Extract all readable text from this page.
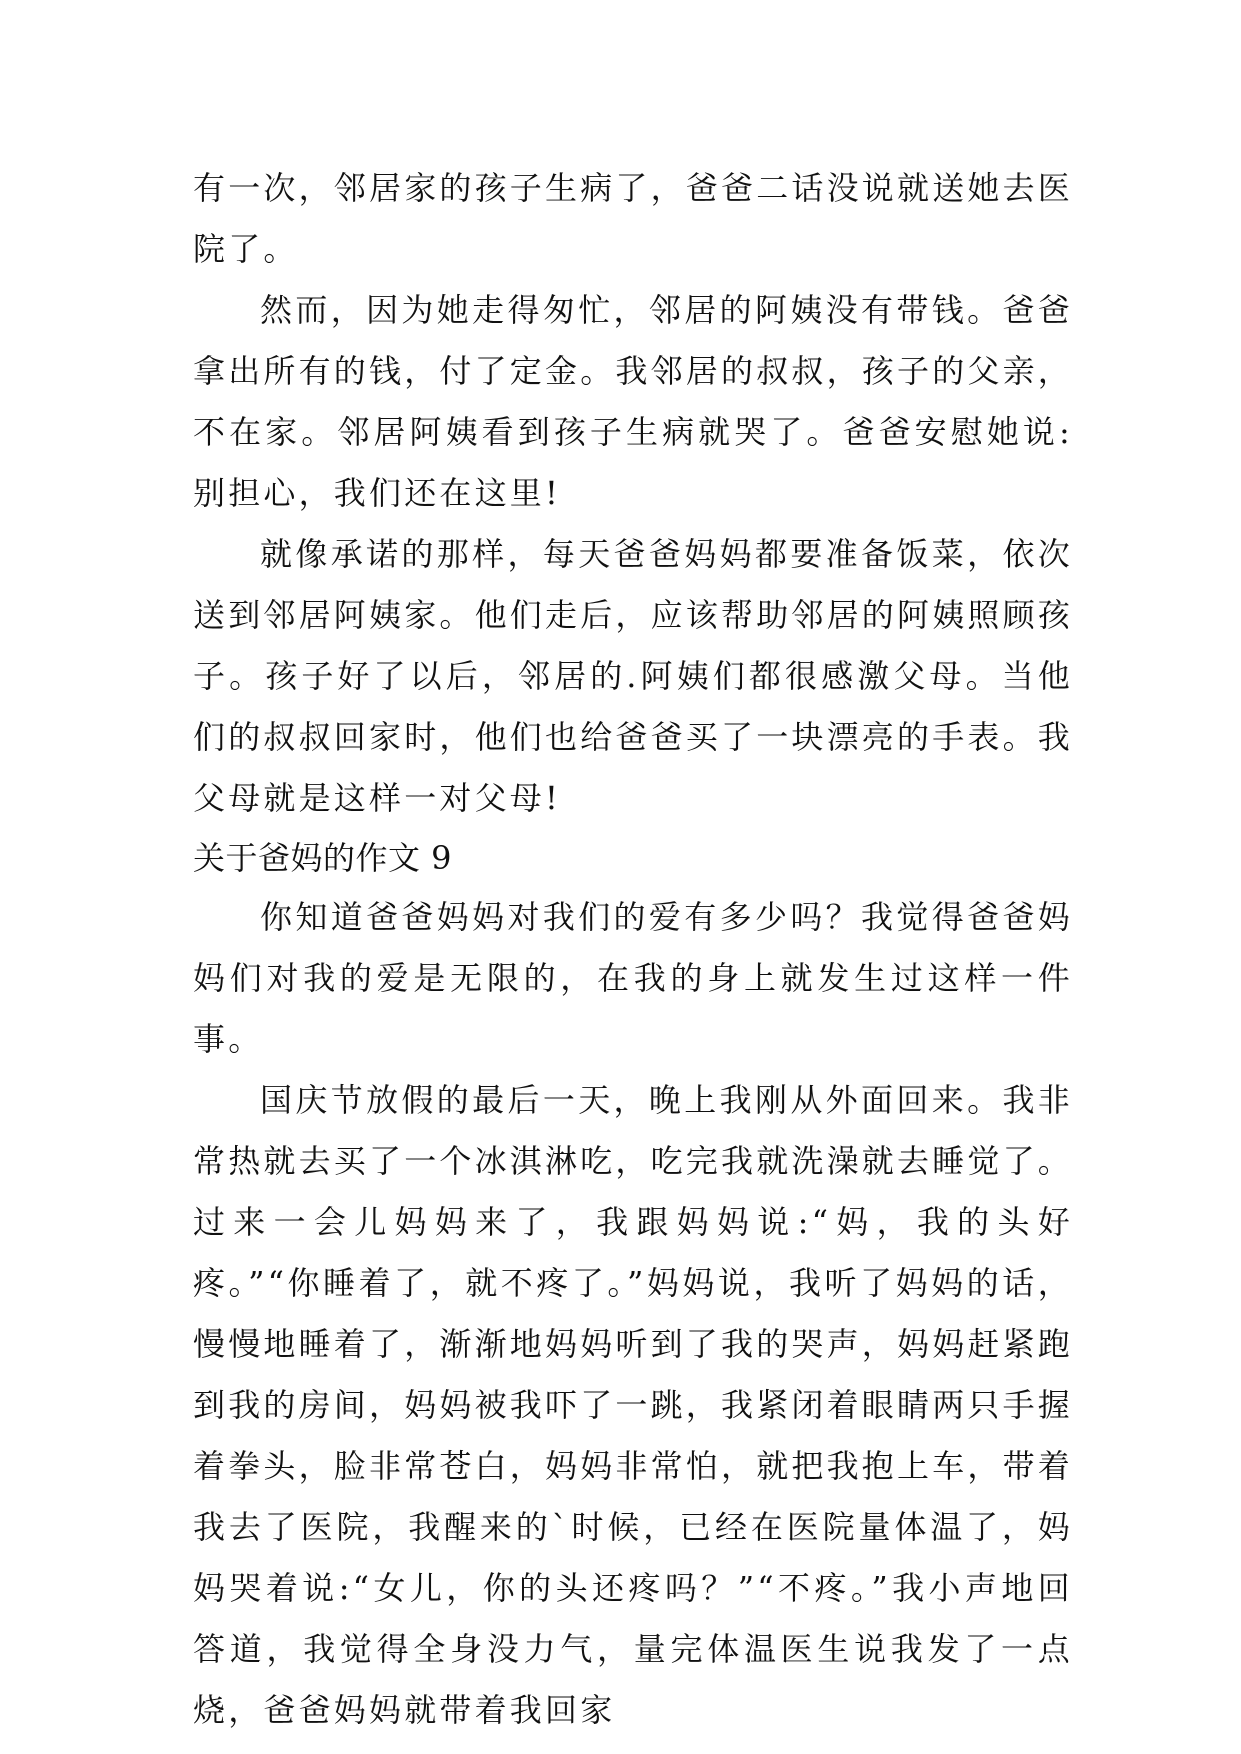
有一次，邻居家的孩子生病了，爸爸二话没说就送她去医院了。

然而，因为她走得匆忙，邻居的阿姨没有带钱。爸爸拿出所有的钱，付了定金。我邻居的叔叔，孩子的父亲，不在家。邻居阿姨看到孩子生病就哭了。爸爸安慰她说:别担心，我们还在这里!

就像承诺的那样，每天爸爸妈妈都要准备饭菜，依次送到邻居阿姨家。他们走后，应该帮助邻居的阿姨照顾孩子。孩子好了以后，邻居的.阿姨们都很感激父母。当他们的叔叔回家时，他们也给爸爸买了一块漂亮的手表。我父母就是这样一对父母!

关于爸妈的作文 9

你知道爸爸妈妈对我们的爱有多少吗？我觉得爸爸妈妈们对我的爱是无限的，在我的身上就发生过这样一件事。

国庆节放假的最后一天，晚上我刚从外面回来。我非常热就去买了一个冰淇淋吃，吃完我就洗澡就去睡觉了。过来一会儿妈妈来了，我跟妈妈说:“妈，我的头好疼。”“你睡着了，就不疼了。”妈妈说，我听了妈妈的话，慢慢地睡着了，渐渐地妈妈听到了我的哭声，妈妈赶紧跑到我的房间，妈妈被我吓了一跳，我紧闭着眼睛两只手握着拳头，脸非常苍白，妈妈非常怕，就把我抱上车，带着我去了医院，我醒来的`时候，已经在医院量体温了，妈妈哭着说:“女儿，你的头还疼吗？”“不疼。”我小声地回答道，我觉得全身没力气，量完体温医生说我发了一点烧，爸爸妈妈就带着我回家
